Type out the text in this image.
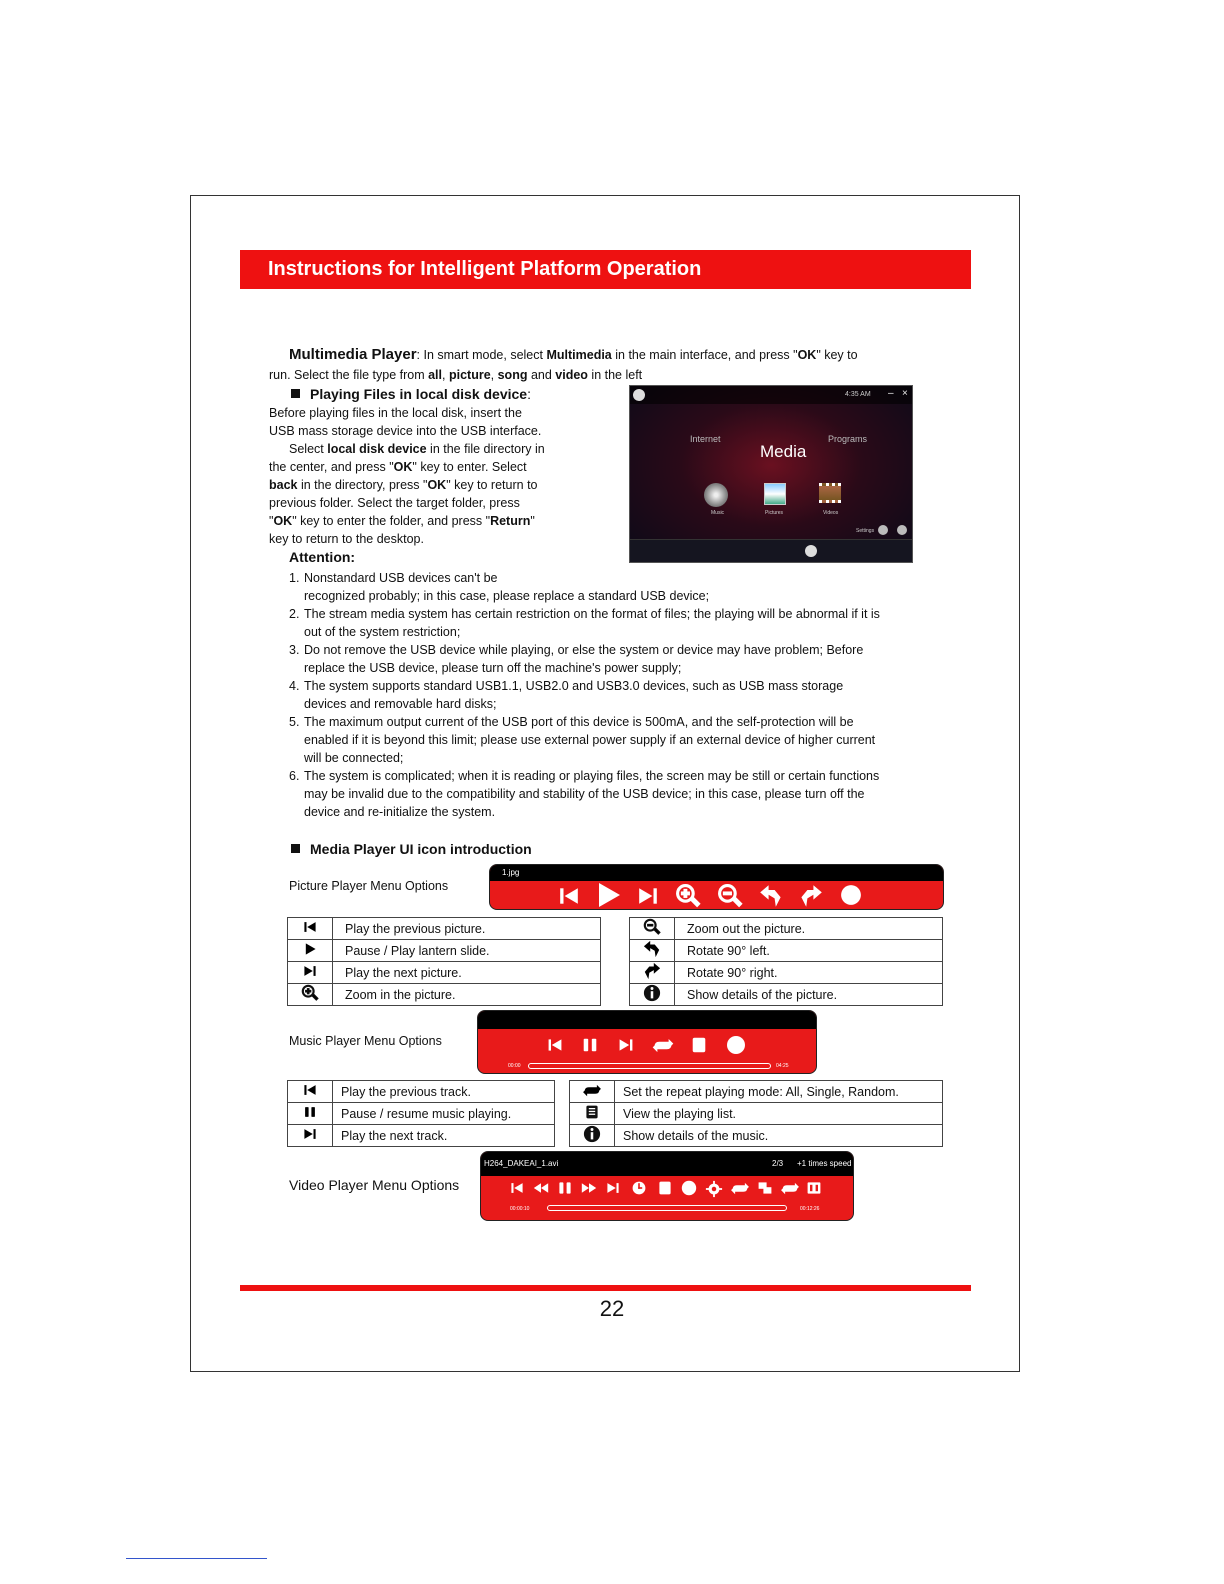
Instructions for Intelligent Platform Operation
Multimedia Player: In smart mode, select Multimedia in the main interface, and press "OK" key to
run. Select the file type from all, picture, song and video in the left
Playing Files in local disk device:
Before playing files in the local disk, insert the
USB mass storage device into the USB interface.
Select local disk device in the file directory in
the center, and press "OK" key to enter. Select
back in the directory, press "OK" key to return to
previous folder. Select the target folder, press
"OK" key to enter the folder, and press "Return"
key to return to the desktop.
4:35 AM – ×
Media
Internet	Programs
Music	Pictures	Videos
Settings
Attention:
1. Nonstandard USB devices can't be
recognized probably; in this case, please replace a standard USB device;
2. The stream media system has certain restriction on the format of files; the playing will be abnormal if it is
out of the system restriction;
3. Do not remove the USB device while playing, or else the system or device may have problem; Before
replace the USB device, please turn off the machine's power supply;
4. The system supports standard USB1.1, USB2.0 and USB3.0 devices, such as USB mass storage
devices and removable hard disks;
5. The maximum output current of the USB port of this device is 500mA, and the self-protection will be
enabled if it is beyond this limit; please use external power supply if an external device of higher current
will be connected;
6. The system is complicated; when it is reading or playing files, the screen may be still or certain functions
may be invalid due to the compatibility and stability of the USB device; in this case, please turn off the
device and re-initialize the system.
Media Player UI icon introduction
Picture Player Menu Options
1.jpg
	Play the previous picture.
	Pause / Play lantern slide.
	Play the next picture.
	Zoom in the picture.
	Zoom out the picture.
	Rotate 90° left.
	Rotate 90° right.
	Show details of the picture.
Music Player Menu Options
00:00	04:25
	Play the previous track.
	Pause / resume music playing.
	Play the next track.
	Set the repeat playing mode: All, Single, Random.
	View the playing list.
	Show details of the music.
Video Player Menu Options
H264_DAKEAI_1.avi	2/3 +1 times speed
00:00:10	00:12:26
22
